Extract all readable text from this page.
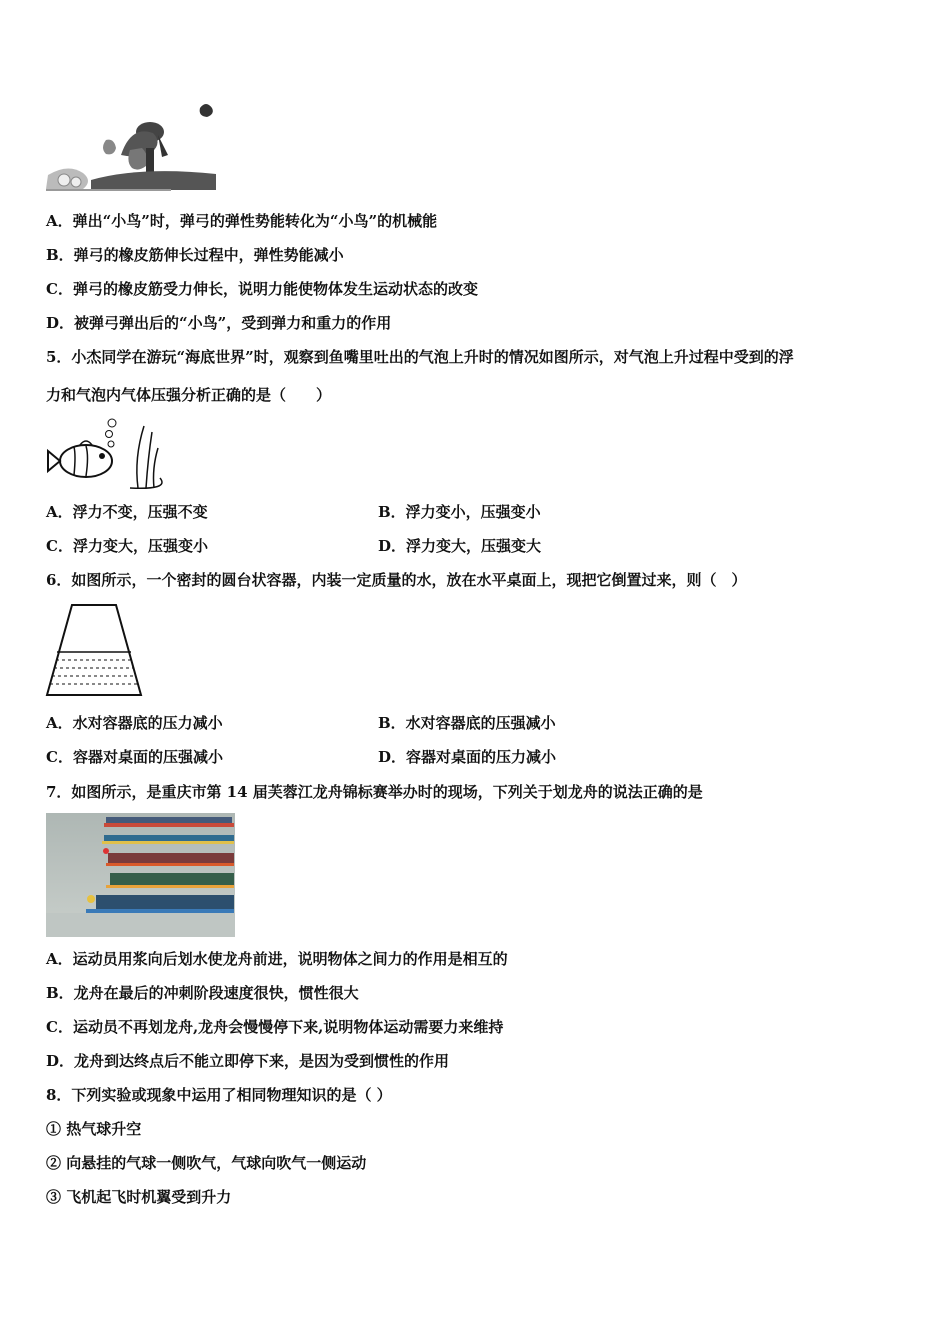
A．弹出“小鸟”时，弹弓的弹性势能转化为“小鸟”的机械能
B．弹弓的橡皮筋伸长过程中，弹性势能减小
C．弹弓的橡皮筋受力伸长，说明力能使物体发生运动状态的改变
D．被弹弓弹出后的“小鸟”，受到弹力和重力的作用
5．小杰同学在游玩“海底世界”时，观察到鱼嘴里吐出的气泡上升时的情况如图所示，对气泡上升过程中受到的浮
力和气泡内气体压强分析正确的是（　　）
A．浮力不变，压强不变	B．浮力变小，压强变小
C．浮力变大，压强变小	D．浮力变大，压强变大
6．如图所示，一个密封的圆台状容器，内装一定质量的水，放在水平桌面上，现把它倒置过来，则（　）
A．水对容器底的压力减小	B．水对容器底的压强减小
C．容器对桌面的压强减小	D．容器对桌面的压力减小
7．如图所示，是重庆市第 14 届芙蓉江龙舟锦标赛举办时的现场，下列关于划龙舟的说法正确的是
A．运动员用浆向后划水使龙舟前进，说明物体之间力的作用是相互的
B．龙舟在最后的冲刺阶段速度很快，惯性很大
C．运动员不再划龙舟,龙舟会慢慢停下来,说明物体运动需要力来维持
D．龙舟到达终点后不能立即停下来，是因为受到惯性的作用
8．下列实验或现象中运用了相同物理知识的是（ ）
① 热气球升空
② 向悬挂的气球一侧吹气，气球向吹气一侧运动
③ 飞机起飞时机翼受到升力
